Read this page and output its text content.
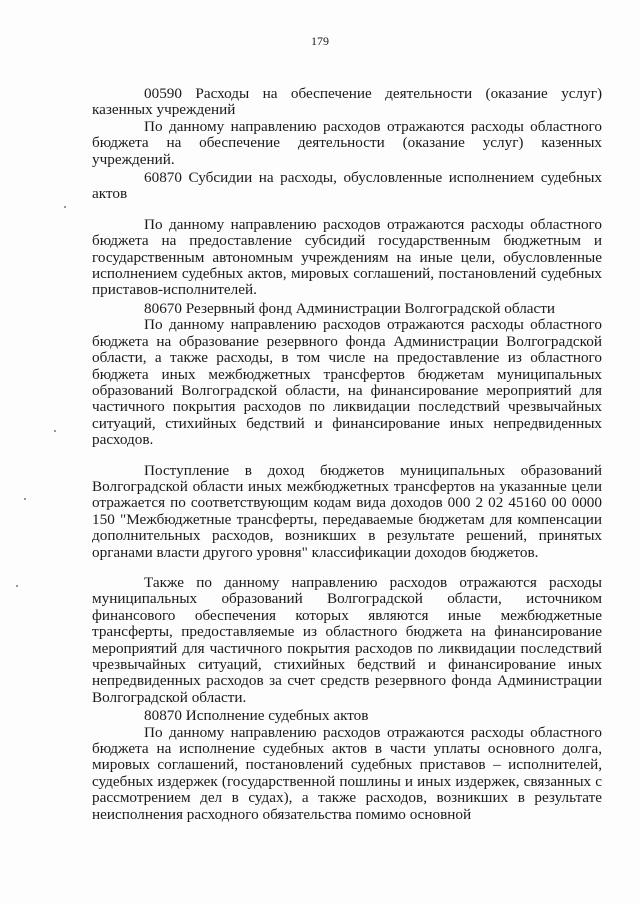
179

00590 Расходы на обеспечение деятельности (оказание услуг) казенных учреждений

По данному направлению расходов отражаются расходы областного бюджета на обеспечение деятельности (оказание услуг) казенных учреждений.

60870 Субсидии на расходы, обусловленные исполнением судебных актов

По данному направлению расходов отражаются расходы областного бюджета на предоставление субсидий государственным бюджетным и государственным автономным учреждениям на иные цели, обусловленные исполнением судебных актов, мировых соглашений, постановлений судебных приставов-исполнителей.

80670 Резервный фонд Администрации Волгоградской области

По данному направлению расходов отражаются расходы областного бюджета на образование резервного фонда Администрации Волгоградской области, а также расходы, в том числе на предоставление из областного бюджета иных межбюджетных трансфертов бюджетам муниципальных образований Волгоградской области, на финансирование мероприятий для частичного покрытия расходов по ликвидации последствий чрезвычайных ситуаций, стихийных бедствий и финансирование иных непредвиденных расходов.

Поступление в доход бюджетов муниципальных образований Волгоградской области иных межбюджетных трансфертов на указанные цели отражается по соответствующим кодам вида доходов 000 2 02 45160 00 0000 150 "Межбюджетные трансферты, передаваемые бюджетам для компенсации дополнительных расходов, возникших в результате решений, принятых органами власти другого уровня" классификации доходов бюджетов.

Также по данному направлению расходов отражаются расходы муниципальных образований Волгоградской области, источником финансового обеспечения которых являются иные межбюджетные трансферты, предоставляемые из областного бюджета на финансирование мероприятий для частичного покрытия расходов по ликвидации последствий чрезвычайных ситуаций, стихийных бедствий и финансирование иных непредвиденных расходов за счет средств резервного фонда Администрации Волгоградской области.

80870 Исполнение судебных актов

По данному направлению расходов отражаются расходы областного бюджета на исполнение судебных актов в части уплаты основного долга, мировых соглашений, постановлений судебных приставов – исполнителей, судебных издержек (государственной пошлины и иных издержек, связанных с рассмотрением дел в судах), а также расходов, возникших в результате неисполнения расходного обязательства помимо основной
